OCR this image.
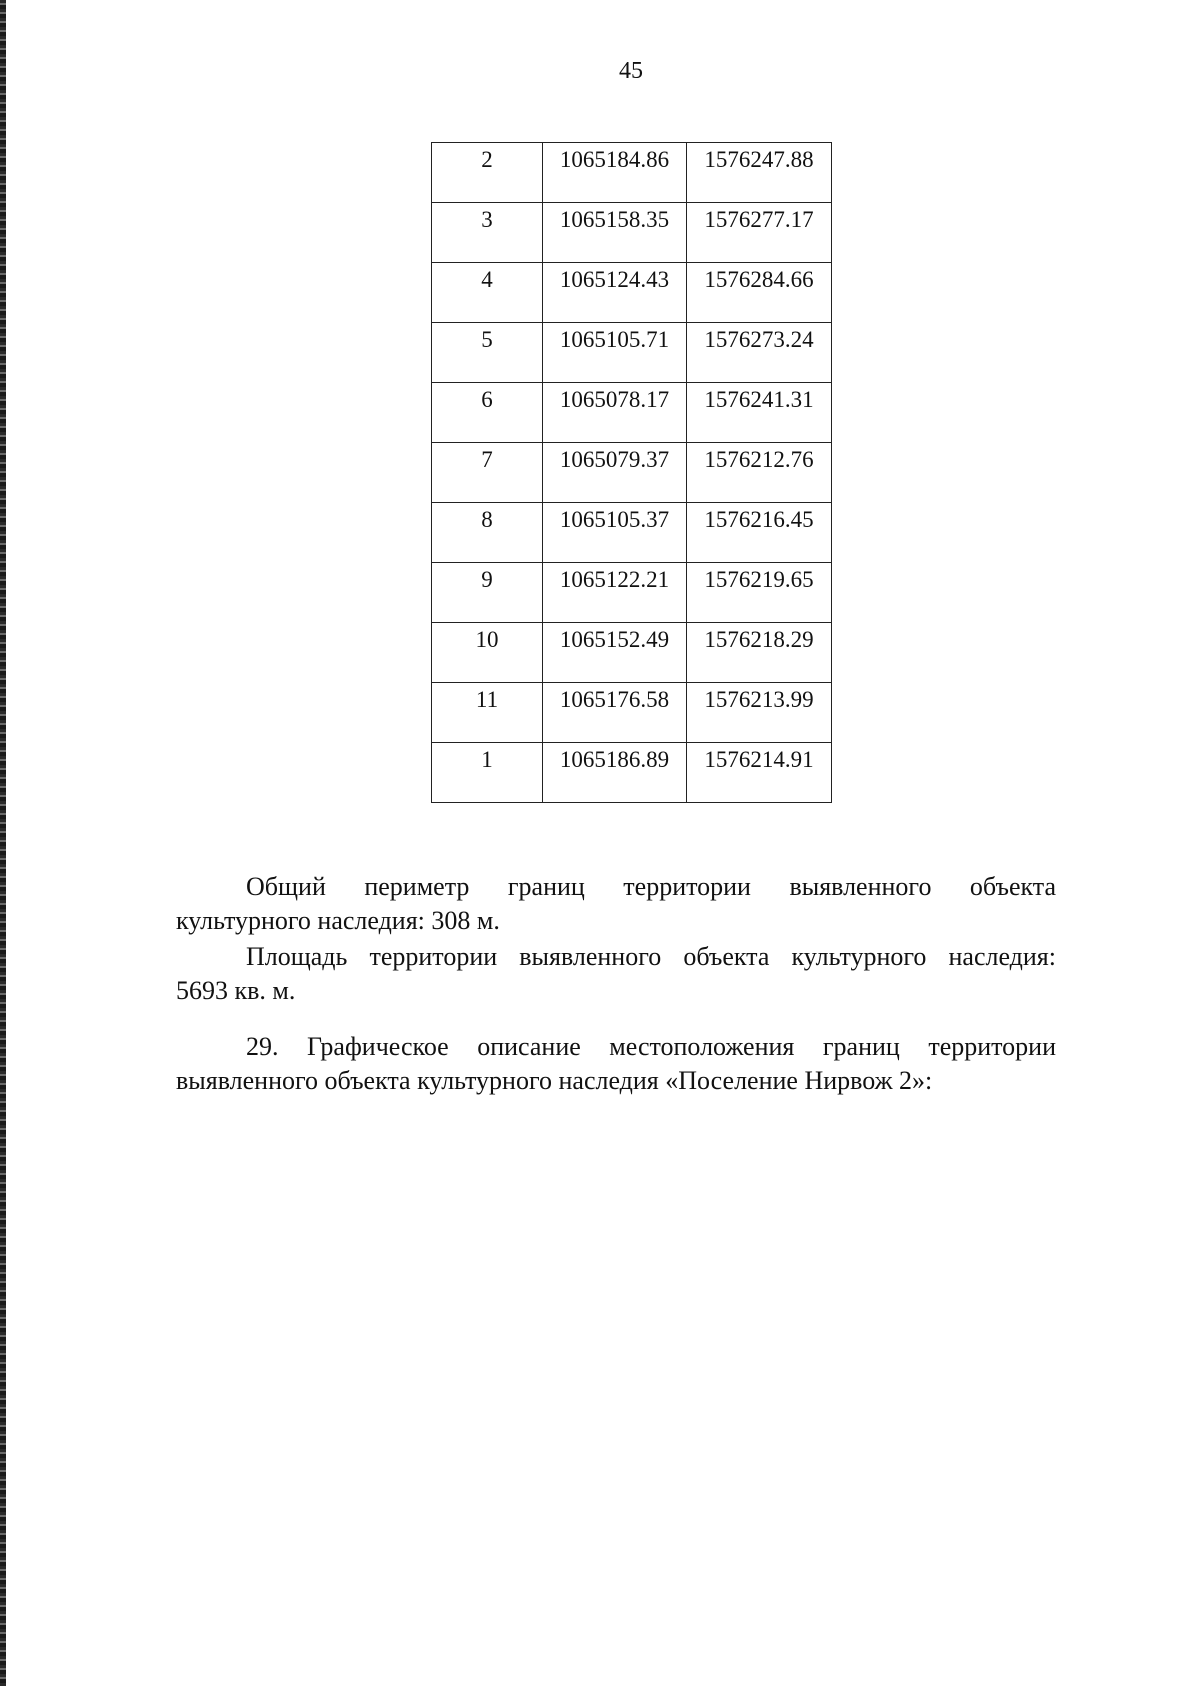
45
2	1065184.86	1576247.88
3	1065158.35	1576277.17
4	1065124.43	1576284.66
5	1065105.71	1576273.24
6	1065078.17	1576241.31
7	1065079.37	1576212.76
8	1065105.37	1576216.45
9	1065122.21	1576219.65
10	1065152.49	1576218.29
11	1065176.58	1576213.99
1	1065186.89	1576214.91
Общий периметр границ территории выявленного объекта
культурного наследия: 308 м.
Площадь территории выявленного объекта культурного наследия:
5693 кв. м.
29. Графическое описание местоположения границ территории
выявленного объекта культурного наследия «Поселение Нирвож 2»:
